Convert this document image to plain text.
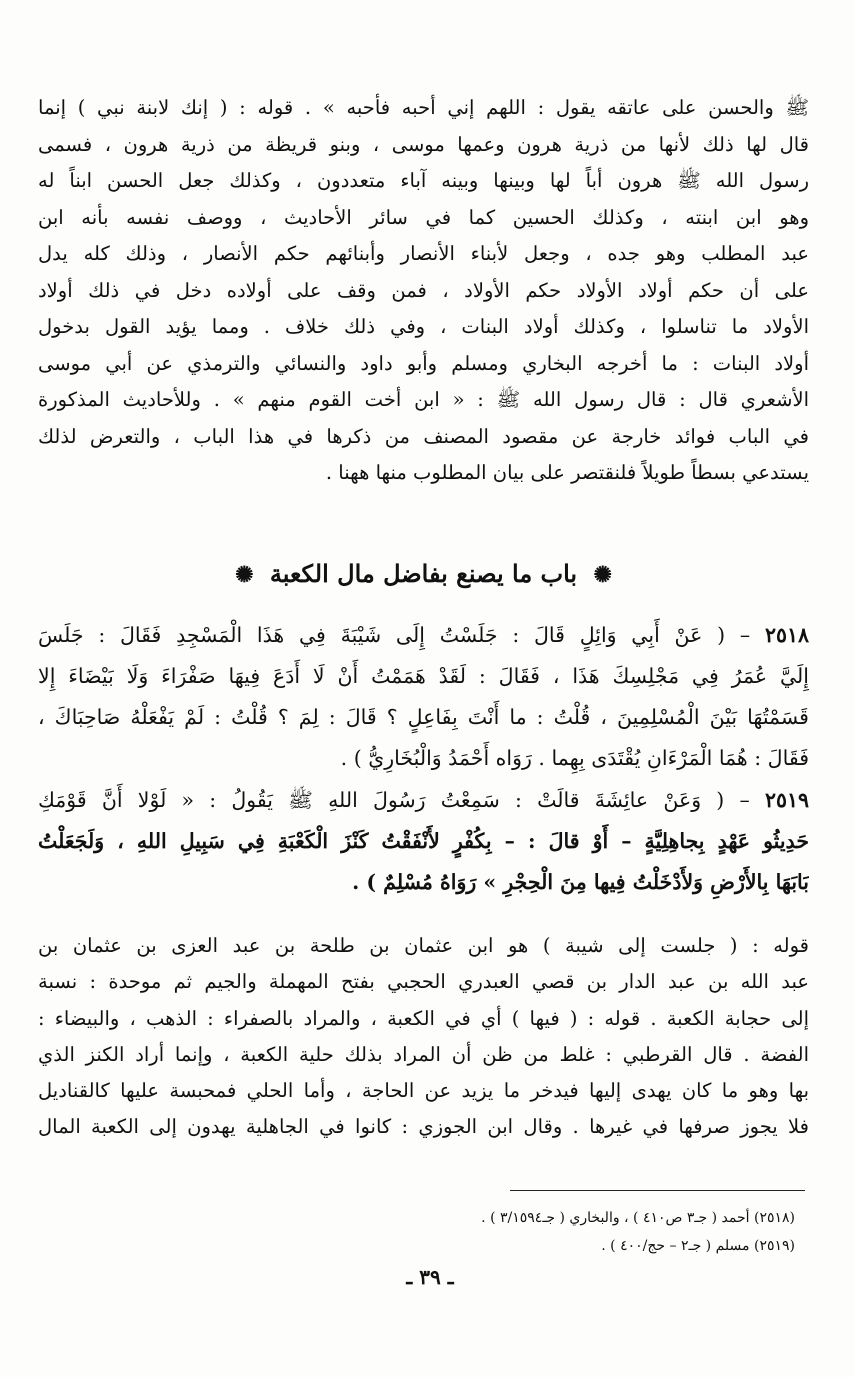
ﷺ والحسن على عاتقه يقول : اللهم إني أحبه فأحبه » . قوله : ( إنك لابنة نبي ) إنما
قال لها ذلك لأنها من ذرية هرون وعمها موسى ، وبنو قريظة من ذرية هرون ، فسمى
رسول الله ﷺ هرون أباً لها وبينها وبينه آباء متعددون ، وكذلك جعل الحسن ابناً له
وهو ابن ابنته ، وكذلك الحسين كما في سائر الأحاديث ، ووصف نفسه بأنه ابن
عبد المطلب وهو جده ، وجعل لأبناء الأنصار وأبنائهم حكم الأنصار ، وذلك كله يدل
على أن حكم أولاد الأولاد حكم الأولاد ، فمن وقف على أولاده دخل في ذلك أولاد
الأولاد ما تناسلوا ، وكذلك أولاد البنات ، وفي ذلك خلاف . ومما يؤيد القول بدخول
أولاد البنات : ما أخرجه البخاري ومسلم وأبو داود والنسائي والترمذي عن أبي موسى
الأشعري قال : قال رسول الله ﷺ : « ابن أخت القوم منهم » . وللأحاديث المذكورة
في الباب فوائد خارجة عن مقصود المصنف من ذكرها في هذا الباب ، والتعرض لذلك
يستدعي بسطاً طويلاً فلنقتصر على بيان المطلوب منها ههنا .
✺ باب ما يصنع بفاضل مال الكعبة ✺
٢٥١٨ – ( عَنْ أَبِي وَائِلٍ قَالَ : جَلَسْتُ إِلَى شَيْبَةَ فِي هَذَا الْمَسْجِدِ فَقَالَ : جَلَسَ
إِلَيَّ عُمَرُ فِي مَجْلِسِكَ هَذَا ، فَقَالَ : لَقَدْ هَمَمْتُ أَنْ لَا أَدَعَ فِيهَا صَفْرَاءَ وَلَا بَيْضَاءَ إِلا
قَسَمْتُهَا بَيْنَ الْمُسْلِمِينَ ، قُلْتُ : ما أَنْتَ بِفَاعِلٍ ؟ قَالَ : لِمَ ؟ قُلْتُ : لَمْ يَفْعَلْهُ صَاحِبَاكَ ،
فَقَالَ : هُمَا الْمَرْءَانِ يُقْتَدَى بِهِما . رَوَاه أَحْمَدُ وَالْبُخَارِيُّ ) .
٢٥١٩ – ( وَعَنْ عائِشَةَ قالَتْ : سَمِعْتُ رَسُولَ اللهِ ﷺ يَقُولُ : « لَوْلا أَنَّ قَوْمَكِ
حَدِيثُو عَهْدٍ بِجاهِلِيَّةٍ – أَوْ قالَ : – بِكُفْرٍ لأَنْفَقْتُ كَنْزَ الْكَعْبَةِ فِي سَبِيلِ اللهِ ، وَلَجَعَلْتُ
بَابَهَا بِالأَرْضِ وَلأَدْخَلْتُ فِيها مِنَ الْحِجْرِ » رَوَاهُ مُسْلِمٌ ) .
قوله : ( جلست إلى شيبة ) هو ابن عثمان بن طلحة بن عبد العزى بن عثمان بن
عبد الله بن عبد الدار بن قصي العبدري الحجبي بفتح المهملة والجيم ثم موحدة : نسبة
إلى حجابة الكعبة . قوله : ( فيها ) أي في الكعبة ، والمراد بالصفراء : الذهب ، والبيضاء :
الفضة . قال القرطبي : غلط من ظن أن المراد بذلك حلية الكعبة ، وإنما أراد الكنز الذي
بها وهو ما كان يهدى إليها فيدخر ما يزيد عن الحاجة ، وأما الحلي فمحبسة عليها كالقناديل
فلا يجوز صرفها في غيرها . وقال ابن الجوزي : كانوا في الجاهلية يهدون إلى الكعبة المال
(٢٥١٨) أحمد ( جـ٣ ص٤١٠ ) ، والبخاري ( جـ٣/١٥٩٤ ) .
(٢٥١٩) مسلم ( جـ٢ – حج/٤٠٠ ) .
ـ ٣٩ ـ
